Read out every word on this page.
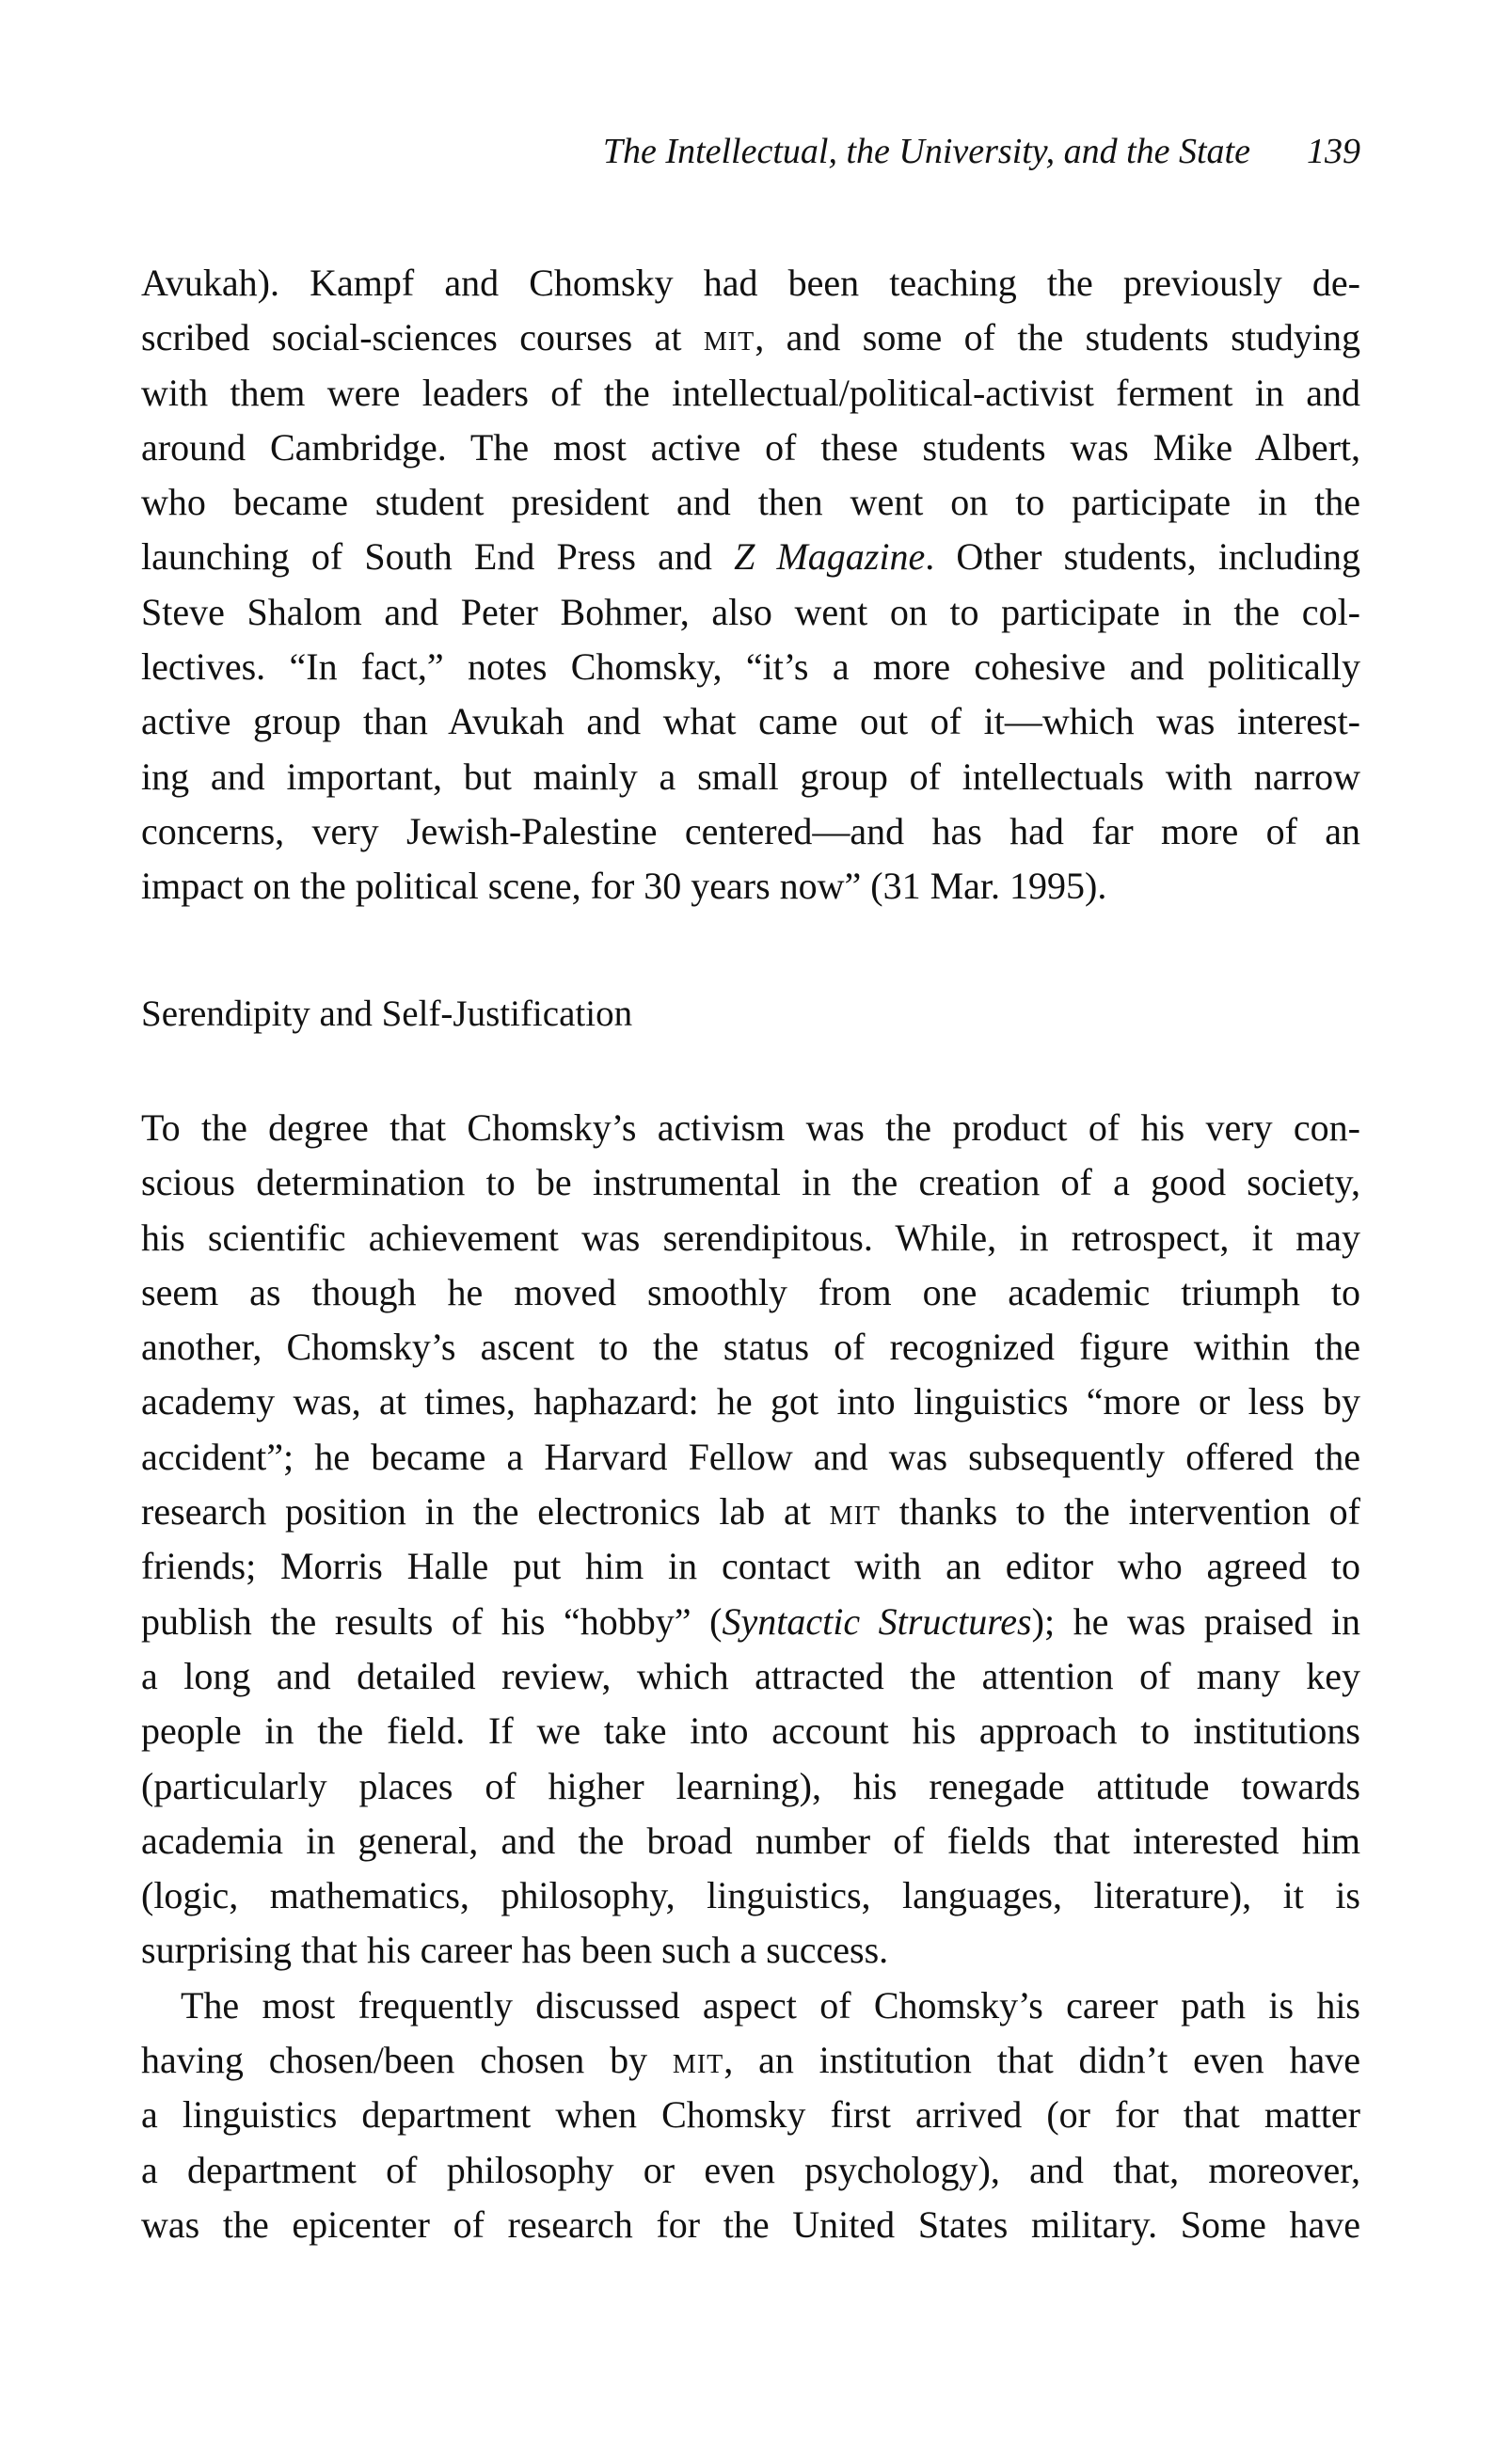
The Intellectual, the University, and the State 139
Avukah). Kampf and Chomsky had been teaching the previously de-
scribed social-sciences courses at mit, and some of the students studying
with them were leaders of the intellectual/political-activist ferment in and
around Cambridge. The most active of these students was Mike Albert,
who became student president and then went on to participate in the
launching of South End Press and Z Magazine. Other students, including
Steve Shalom and Peter Bohmer, also went on to participate in the col-
lectives. “In fact,” notes Chomsky, “it’s a more cohesive and politically
active group than Avukah and what came out of it—which was interest-
ing and important, but mainly a small group of intellectuals with narrow
concerns, very Jewish-Palestine centered—and has had far more of an
impact on the political scene, for 30 years now” (31 Mar. 1995).
Serendipity and Self-Justification
To the degree that Chomsky’s activism was the product of his very con-
scious determination to be instrumental in the creation of a good society,
his scientific achievement was serendipitous. While, in retrospect, it may
seem as though he moved smoothly from one academic triumph to
another, Chomsky’s ascent to the status of recognized figure within the
academy was, at times, haphazard: he got into linguistics “more or less by
accident”; he became a Harvard Fellow and was subsequently offered the
research position in the electronics lab at mit thanks to the intervention of
friends; Morris Halle put him in contact with an editor who agreed to
publish the results of his “hobby” (Syntactic Structures); he was praised in
a long and detailed review, which attracted the attention of many key
people in the field. If we take into account his approach to institutions
(particularly places of higher learning), his renegade attitude towards
academia in general, and the broad number of fields that interested him
(logic, mathematics, philosophy, linguistics, languages, literature), it is
surprising that his career has been such a success.
The most frequently discussed aspect of Chomsky’s career path is his
having chosen/been chosen by mit, an institution that didn’t even have
a linguistics department when Chomsky first arrived (or for that matter
a department of philosophy or even psychology), and that, moreover,
was the epicenter of research for the United States military. Some have
